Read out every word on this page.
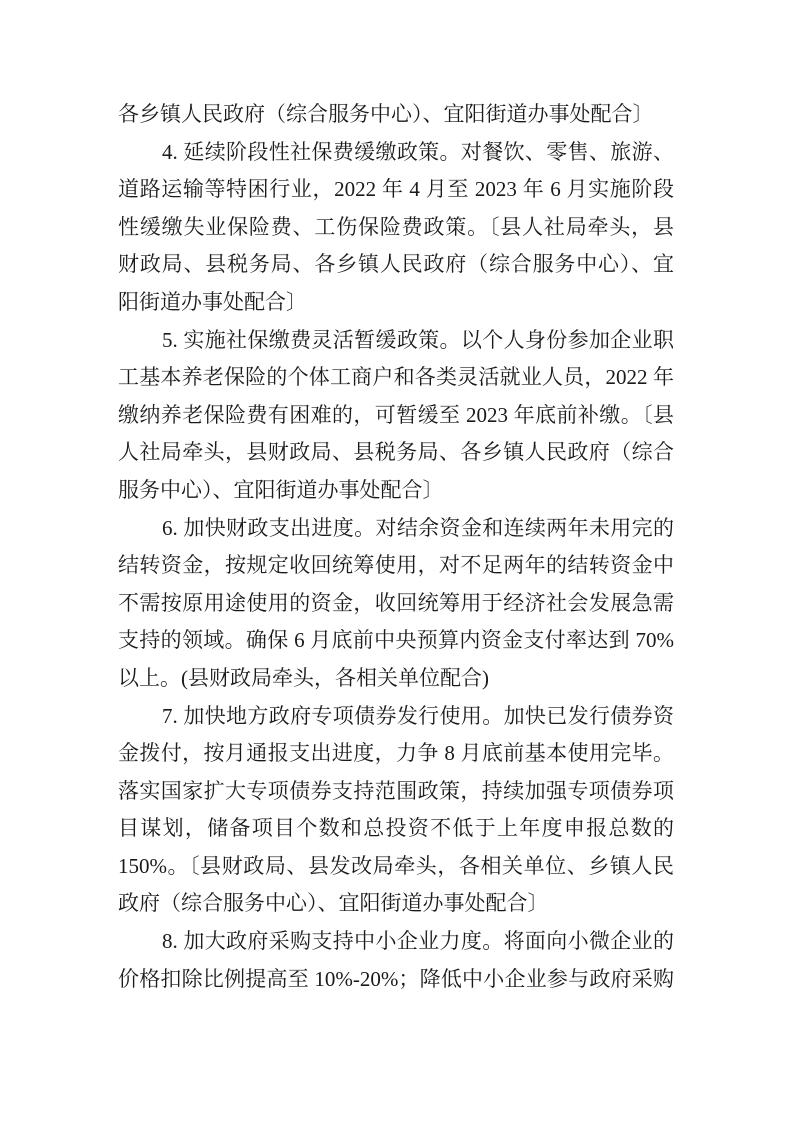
各乡镇人民政府（综合服务中心）、宜阳街道办事处配合〕
4. 延续阶段性社保费缓缴政策。对餐饮、零售、旅游、
道路运输等特困行业，2022 年 4 月至 2023 年 6 月实施阶段
性缓缴失业保险费、工伤保险费政策。〔县人社局牵头，县
财政局、县税务局、各乡镇人民政府（综合服务中心）、宜
阳街道办事处配合〕
5. 实施社保缴费灵活暂缓政策。以个人身份参加企业职
工基本养老保险的个体工商户和各类灵活就业人员，2022 年
缴纳养老保险费有困难的，可暂缓至 2023 年底前补缴。〔县
人社局牵头，县财政局、县税务局、各乡镇人民政府（综合
服务中心）、宜阳街道办事处配合〕
6. 加快财政支出进度。对结余资金和连续两年未用完的
结转资金，按规定收回统筹使用，对不足两年的结转资金中
不需按原用途使用的资金，收回统筹用于经济社会发展急需
支持的领域。确保 6 月底前中央预算内资金支付率达到 70%
以上。(县财政局牵头，各相关单位配合)
7. 加快地方政府专项债券发行使用。加快已发行债券资
金拨付，按月通报支出进度，力争 8 月底前基本使用完毕。
落实国家扩大专项债券支持范围政策，持续加强专项债券项
目谋划，储备项目个数和总投资不低于上年度申报总数的
150%。〔县财政局、县发改局牵头，各相关单位、乡镇人民
政府（综合服务中心）、宜阳街道办事处配合〕
8. 加大政府采购支持中小企业力度。将面向小微企业的
价格扣除比例提高至 10%-20%；降低中小企业参与政府采购
